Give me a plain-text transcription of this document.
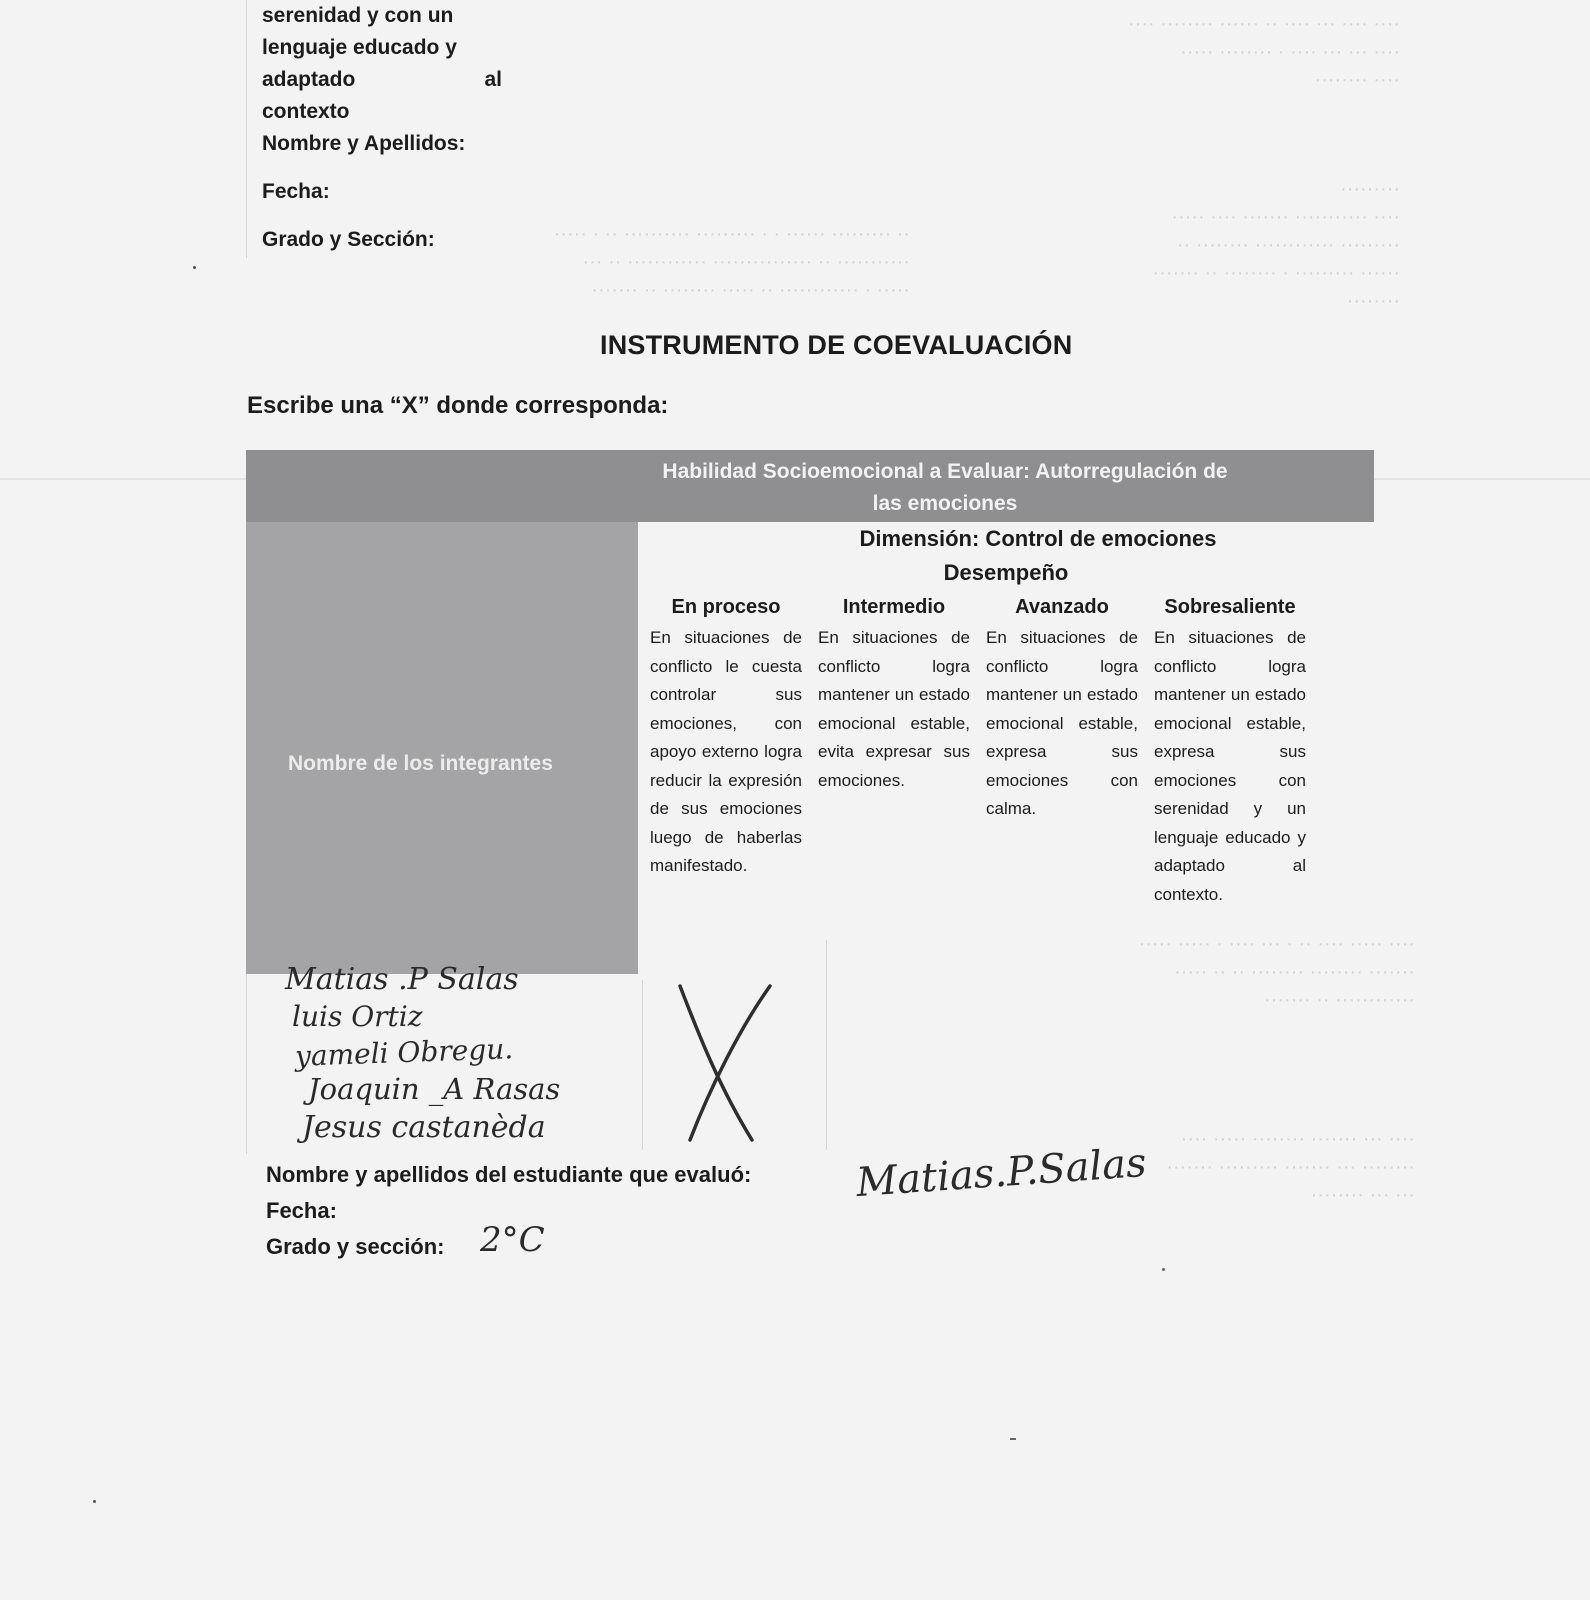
···· ···· ··· ···· ·· ······ ········ ····
···· ··· ··· ···· · ········ ·····
···· ········
·········
···· ··········· ······· ···· ·····
········· ············ ········ ··
······ ········· · ········ ·· ·······
········
·· ········· ······ · · ········· ·········· ·· · ·····
··········· ·· ··············· ············ ·· ···
····· · ············ ·· ····· ········ ·· ·······
···· ····· ···· ·· · ··· ···· · ····· ·····
······· ········ ········ ·· ·· ·····
············ ·· ·······
···· ··· ······· ········ ····· ····
········ ··· ······· ········· ·······
··· ··· ········
serenidad y con un
lenguaje educado y
adaptado	al
contexto
Nombre y Apellidos:
Fecha:
Grado y Sección:
INSTRUMENTO DE COEVALUACIÓN
Escribe una “X” donde corresponda:
Habilidad Socioemocional a Evaluar: Autorregulación de
las emociones
Nombre de los integrantes
Dimensión: Control de emociones
Desempeño
En proceso
En situaciones de conflicto le cuesta controlar sus emociones, con apoyo externo logra reducir la expresión de sus emociones luego de haberlas manifestado.
Intermedio
En situaciones de conflicto logra mantener un estado emocional estable, evita expresar sus emociones.
Avanzado
En situaciones de conflicto logra mantener un estado emocional estable, expresa sus emociones con calma.
Sobresaliente
En situaciones de conflicto logra mantener un estado emocional estable, expresa sus emociones con serenidad y un lenguaje educado y adaptado al contexto.
Matias .P Salas
luis Ortiz
yameli Obregu.
Joaquin _A Rasas
Jesus castanèda
Nombre y apellidos del estudiante que evaluó:	Matias.P.Salas
Fecha:
Grado y sección: 2°C
